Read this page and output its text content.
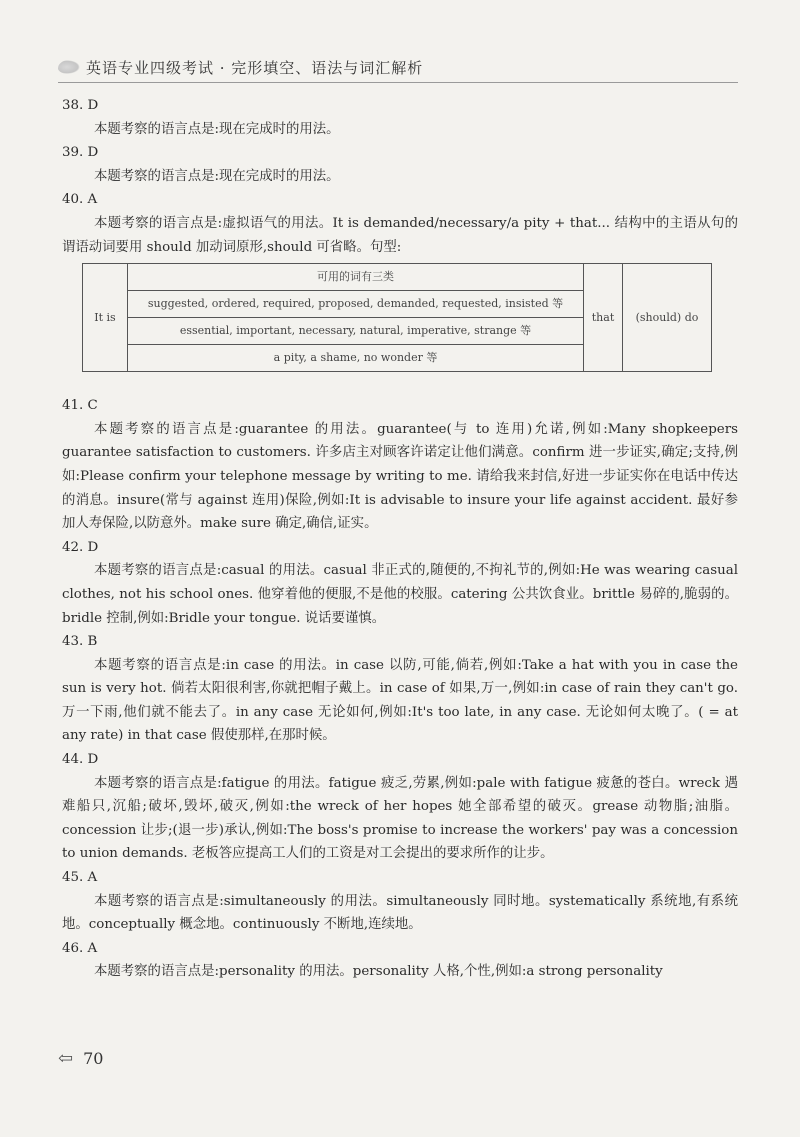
英语专业四级考试 · 完形填空、语法与词汇解析

38. D

本题考察的语言点是:现在完成时的用法。

39. D

本题考察的语言点是:现在完成时的用法。

40. A

本题考察的语言点是:虚拟语气的用法。It is demanded/necessary/a pity + that... 结构中的主语从句的谓语动词要用 should 加动词原形,should 可省略。句型:

It is	可用的词有三类	that	(should) do
suggested, ordered, required, proposed, demanded, requested, insisted 等
essential, important, necessary, natural, imperative, strange 等
a pity, a shame, no wonder 等

41. C

本题考察的语言点是:guarantee 的用法。guarantee(与 to 连用)允诺,例如:Many shopkeepers guarantee satisfaction to customers. 许多店主对顾客许诺定让他们满意。confirm 进一步证实,确定;支持,例如:Please confirm your telephone message by writing to me. 请给我来封信,好进一步证实你在电话中传达的消息。insure(常与 against 连用)保险,例如:It is advisable to insure your life against accident. 最好参加人寿保险,以防意外。make sure 确定,确信,证实。

42. D

本题考察的语言点是:casual 的用法。casual 非正式的,随便的,不拘礼节的,例如:He was wearing casual clothes, not his school ones. 他穿着他的便服,不是他的校服。catering 公共饮食业。brittle 易碎的,脆弱的。bridle 控制,例如:Bridle your tongue. 说话要谨慎。

43. B

本题考察的语言点是:in case 的用法。in case 以防,可能,倘若,例如:Take a hat with you in case the sun is very hot. 倘若太阳很利害,你就把帽子戴上。in case of 如果,万一,例如:in case of rain they can't go. 万一下雨,他们就不能去了。in any case 无论如何,例如:It's too late, in any case. 无论如何太晚了。( = at any rate) in that case 假使那样,在那时候。

44. D

本题考察的语言点是:fatigue 的用法。fatigue 疲乏,劳累,例如:pale with fatigue 疲惫的苍白。wreck 遇难船只,沉船;破坏,毁坏,破灭,例如:the wreck of her hopes 她全部希望的破灭。grease 动物脂;油脂。concession 让步;(退一步)承认,例如:The boss's promise to increase the workers' pay was a concession to union demands. 老板答应提高工人们的工资是对工会提出的要求所作的让步。

45. A

本题考察的语言点是:simultaneously 的用法。simultaneously 同时地。systematically 系统地,有系统地。conceptually 概念地。continuously 不断地,连续地。

46. A

本题考察的语言点是:personality 的用法。personality 人格,个性,例如:a strong personality

⇦ 70
